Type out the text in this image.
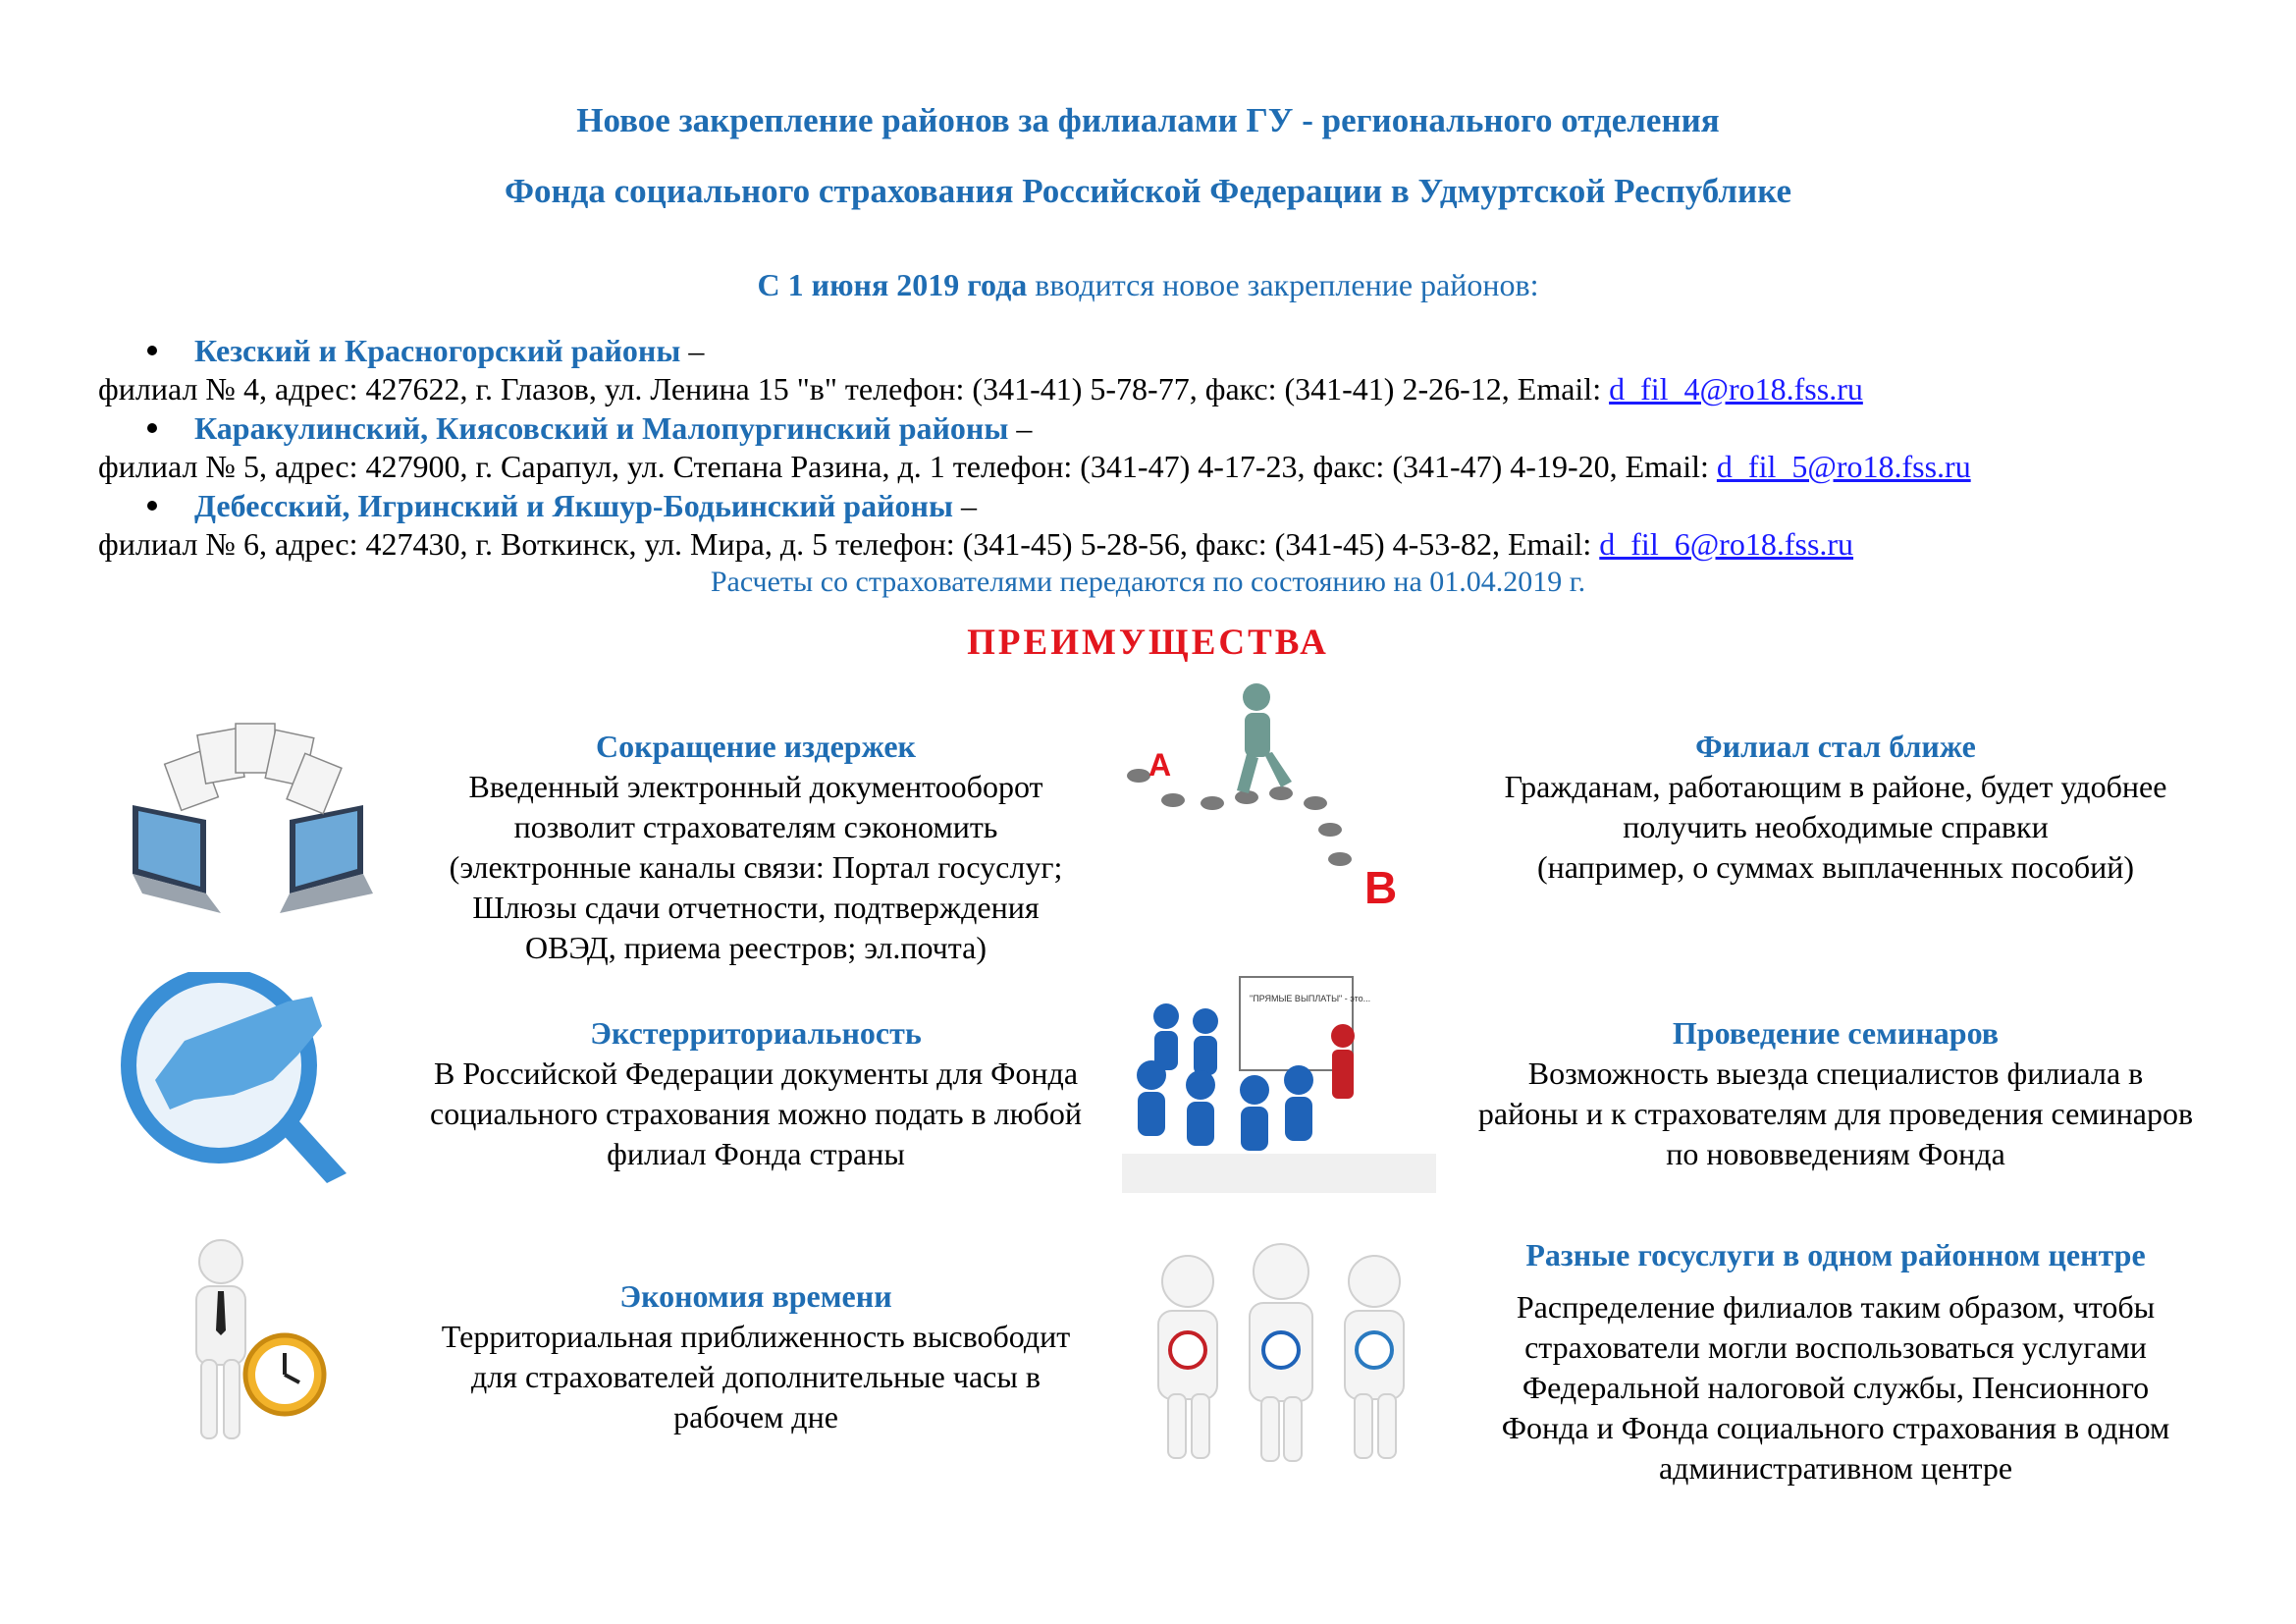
Новое закрепление районов за филиалами ГУ - регионального отделения
Фонда социального страхования Российской Федерации в Удмуртской Республике
С 1 июня 2019 года вводится новое закрепление районов:
Кезский и Красногорский районы –
филиал № 4, адрес: 427622, г. Глазов, ул. Ленина 15 "в" телефон: (341-41) 5-78-77, факс: (341-41) 2-26-12, Email: d_fil_4@ro18.fss.ru
Каракулинский, Киясовский и Малопургинский районы –
филиал № 5, адрес: 427900, г. Сарапул, ул. Степана Разина, д. 1 телефон: (341-47) 4-17-23, факс: (341-47) 4-19-20, Email: d_fil_5@ro18.fss.ru
Дебесский, Игринский и Якшур-Бодьинский районы –
филиал № 6, адрес: 427430, г. Воткинск, ул. Мира, д. 5 телефон: (341-45) 5-28-56, факс: (341-45) 4-53-82, Email: d_fil_6@ro18.fss.ru
Расчеты со страхователями передаются по состоянию на 01.04.2019 г.
ПРЕИМУЩЕСТВА
A
B
"ПРЯМЫЕ ВЫПЛАТЫ" - это...
Сокращение издержек
Введенный электронный документооборот
позволит страхователям сэкономить
(электронные каналы связи: Портал госуслуг;
Шлюзы сдачи отчетности, подтверждения
ОВЭД, приема реестров; эл.почта)
Филиал стал ближе
Гражданам, работающим в районе, будет удобнее
получить необходимые справки
(например, о суммах выплаченных пособий)
Экстерриториальность
В Российской Федерации документы для Фонда
социального страхования можно подать в любой
филиал Фонда страны
Проведение семинаров
Возможность выезда специалистов филиала в
районы и к страхователям для проведения семинаров
по нововведениям Фонда
Экономия времени
Территориальная приближенность высвободит
для страхователей дополнительные часы в
рабочем дне
Разные госуслуги в одном районном центре
Распределение филиалов таким образом, чтобы
страхователи могли воспользоваться услугами
Федеральной налоговой службы, Пенсионного
Фонда и Фонда социального страхования в одном
административном центре
